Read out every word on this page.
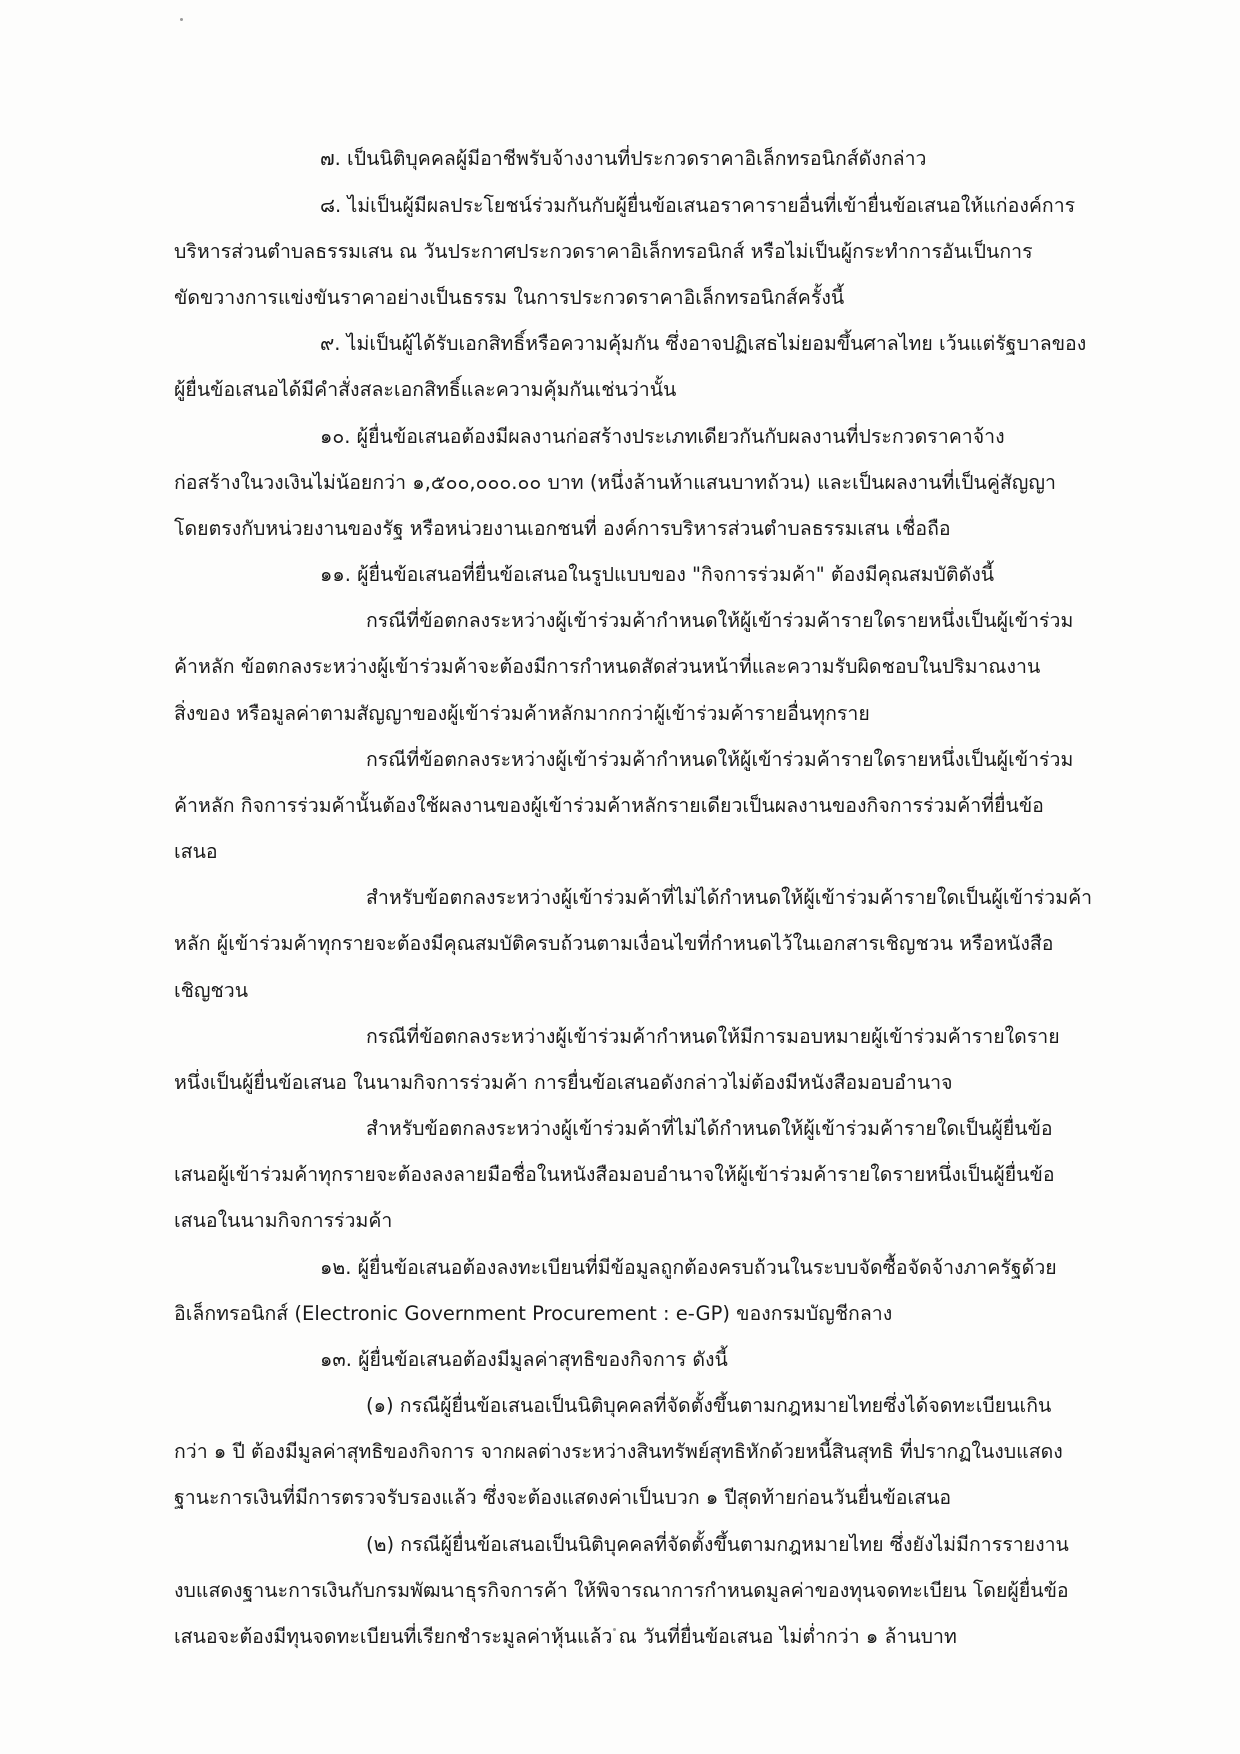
๗. เป็นนิติบุคคลผู้มีอาชีพรับจ้างงานที่ประกวดราคาอิเล็กทรอนิกส์ดังกล่าว
๘. ไม่เป็นผู้มีผลประโยชน์ร่วมกันกับผู้ยื่นข้อเสนอราคารายอื่นที่เข้ายื่นข้อเสนอให้แก่องค์การ
บริหารส่วนตำบลธรรมเสน ณ วันประกาศประกวดราคาอิเล็กทรอนิกส์ หรือไม่เป็นผู้กระทำการอันเป็นการ
ขัดขวางการแข่งขันราคาอย่างเป็นธรรม ในการประกวดราคาอิเล็กทรอนิกส์ครั้งนี้
๙. ไม่เป็นผู้ได้รับเอกสิทธิ์หรือความคุ้มกัน ซึ่งอาจปฏิเสธไม่ยอมขึ้นศาลไทย เว้นแต่รัฐบาลของ
ผู้ยื่นข้อเสนอได้มีคำสั่งสละเอกสิทธิ์และความคุ้มกันเช่นว่านั้น
๑๐. ผู้ยื่นข้อเสนอต้องมีผลงานก่อสร้างประเภทเดียวกันกับผลงานที่ประกวดราคาจ้าง
ก่อสร้างในวงเงินไม่น้อยกว่า ๑,๕๐๐,๐๐๐.๐๐ บาท (หนึ่งล้านห้าแสนบาทถ้วน) และเป็นผลงานที่เป็นคู่สัญญา
โดยตรงกับหน่วยงานของรัฐ หรือหน่วยงานเอกชนที่ องค์การบริหารส่วนตำบลธรรมเสน เชื่อถือ
๑๑. ผู้ยื่นข้อเสนอที่ยื่นข้อเสนอในรูปแบบของ "กิจการร่วมค้า" ต้องมีคุณสมบัติดังนี้
กรณีที่ข้อตกลงระหว่างผู้เข้าร่วมค้ากำหนดให้ผู้เข้าร่วมค้ารายใดรายหนึ่งเป็นผู้เข้าร่วม
ค้าหลัก ข้อตกลงระหว่างผู้เข้าร่วมค้าจะต้องมีการกำหนดสัดส่วนหน้าที่และความรับผิดชอบในปริมาณงาน
สิ่งของ หรือมูลค่าตามสัญญาของผู้เข้าร่วมค้าหลักมากกว่าผู้เข้าร่วมค้ารายอื่นทุกราย
กรณีที่ข้อตกลงระหว่างผู้เข้าร่วมค้ากำหนดให้ผู้เข้าร่วมค้ารายใดรายหนึ่งเป็นผู้เข้าร่วม
ค้าหลัก กิจการร่วมค้านั้นต้องใช้ผลงานของผู้เข้าร่วมค้าหลักรายเดียวเป็นผลงานของกิจการร่วมค้าที่ยื่นข้อ
เสนอ
สำหรับข้อตกลงระหว่างผู้เข้าร่วมค้าที่ไม่ได้กำหนดให้ผู้เข้าร่วมค้ารายใดเป็นผู้เข้าร่วมค้า
หลัก ผู้เข้าร่วมค้าทุกรายจะต้องมีคุณสมบัติครบถ้วนตามเงื่อนไขที่กำหนดไว้ในเอกสารเชิญชวน หรือหนังสือ
เชิญชวน
กรณีที่ข้อตกลงระหว่างผู้เข้าร่วมค้ากำหนดให้มีการมอบหมายผู้เข้าร่วมค้ารายใดราย
หนึ่งเป็นผู้ยื่นข้อเสนอ ในนามกิจการร่วมค้า การยื่นข้อเสนอดังกล่าวไม่ต้องมีหนังสือมอบอำนาจ
สำหรับข้อตกลงระหว่างผู้เข้าร่วมค้าที่ไม่ได้กำหนดให้ผู้เข้าร่วมค้ารายใดเป็นผู้ยื่นข้อ
เสนอผู้เข้าร่วมค้าทุกรายจะต้องลงลายมือชื่อในหนังสือมอบอำนาจให้ผู้เข้าร่วมค้ารายใดรายหนึ่งเป็นผู้ยื่นข้อ
เสนอในนามกิจการร่วมค้า
๑๒. ผู้ยื่นข้อเสนอต้องลงทะเบียนที่มีข้อมูลถูกต้องครบถ้วนในระบบจัดซื้อจัดจ้างภาครัฐด้วย
อิเล็กทรอนิกส์ (Electronic Government Procurement : e-GP) ของกรมบัญชีกลาง
๑๓. ผู้ยื่นข้อเสนอต้องมีมูลค่าสุทธิของกิจการ ดังนี้
(๑) กรณีผู้ยื่นข้อเสนอเป็นนิติบุคคลที่จัดตั้งขึ้นตามกฎหมายไทยซึ่งได้จดทะเบียนเกิน
กว่า ๑ ปี ต้องมีมูลค่าสุทธิของกิจการ จากผลต่างระหว่างสินทรัพย์สุทธิหักด้วยหนี้สินสุทธิ ที่ปรากฏในงบแสดง
ฐานะการเงินที่มีการตรวจรับรองแล้ว ซึ่งจะต้องแสดงค่าเป็นบวก ๑ ปีสุดท้ายก่อนวันยื่นข้อเสนอ
(๒) กรณีผู้ยื่นข้อเสนอเป็นนิติบุคคลที่จัดตั้งขึ้นตามกฎหมายไทย ซึ่งยังไม่มีการรายงาน
งบแสดงฐานะการเงินกับกรมพัฒนาธุรกิจการค้า ให้พิจารณาการกำหนดมูลค่าของทุนจดทะเบียน โดยผู้ยื่นข้อ
เสนอจะต้องมีทุนจดทะเบียนที่เรียกชำระมูลค่าหุ้นแล้ว ณ วันที่ยื่นข้อเสนอ ไม่ต่ำกว่า ๑ ล้านบาท
